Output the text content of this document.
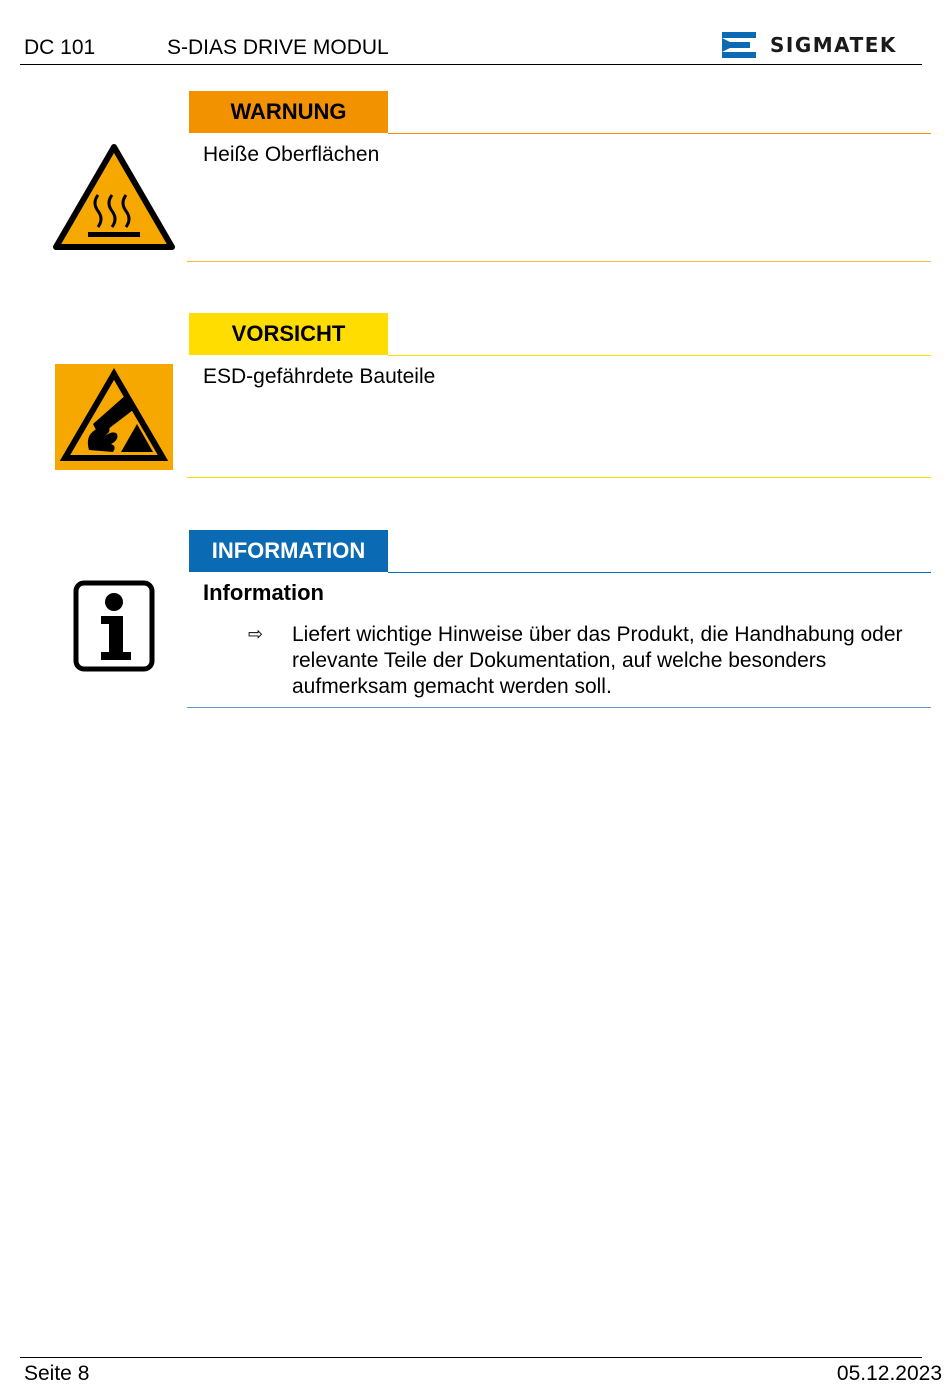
DC 101	S-DIAS DRIVE MODUL	SIGMATEK
WARNUNG
Heiße Oberflächen
VORSICHT
ESD-gefährdete Bauteile
INFORMATION
Information
⇨ Liefert wichtige Hinweise über das Produkt, die Handhabung oder relevante Teile der Dokumentation, auf welche besonders aufmerksam gemacht werden soll.
Seite 8	05.12.2023
